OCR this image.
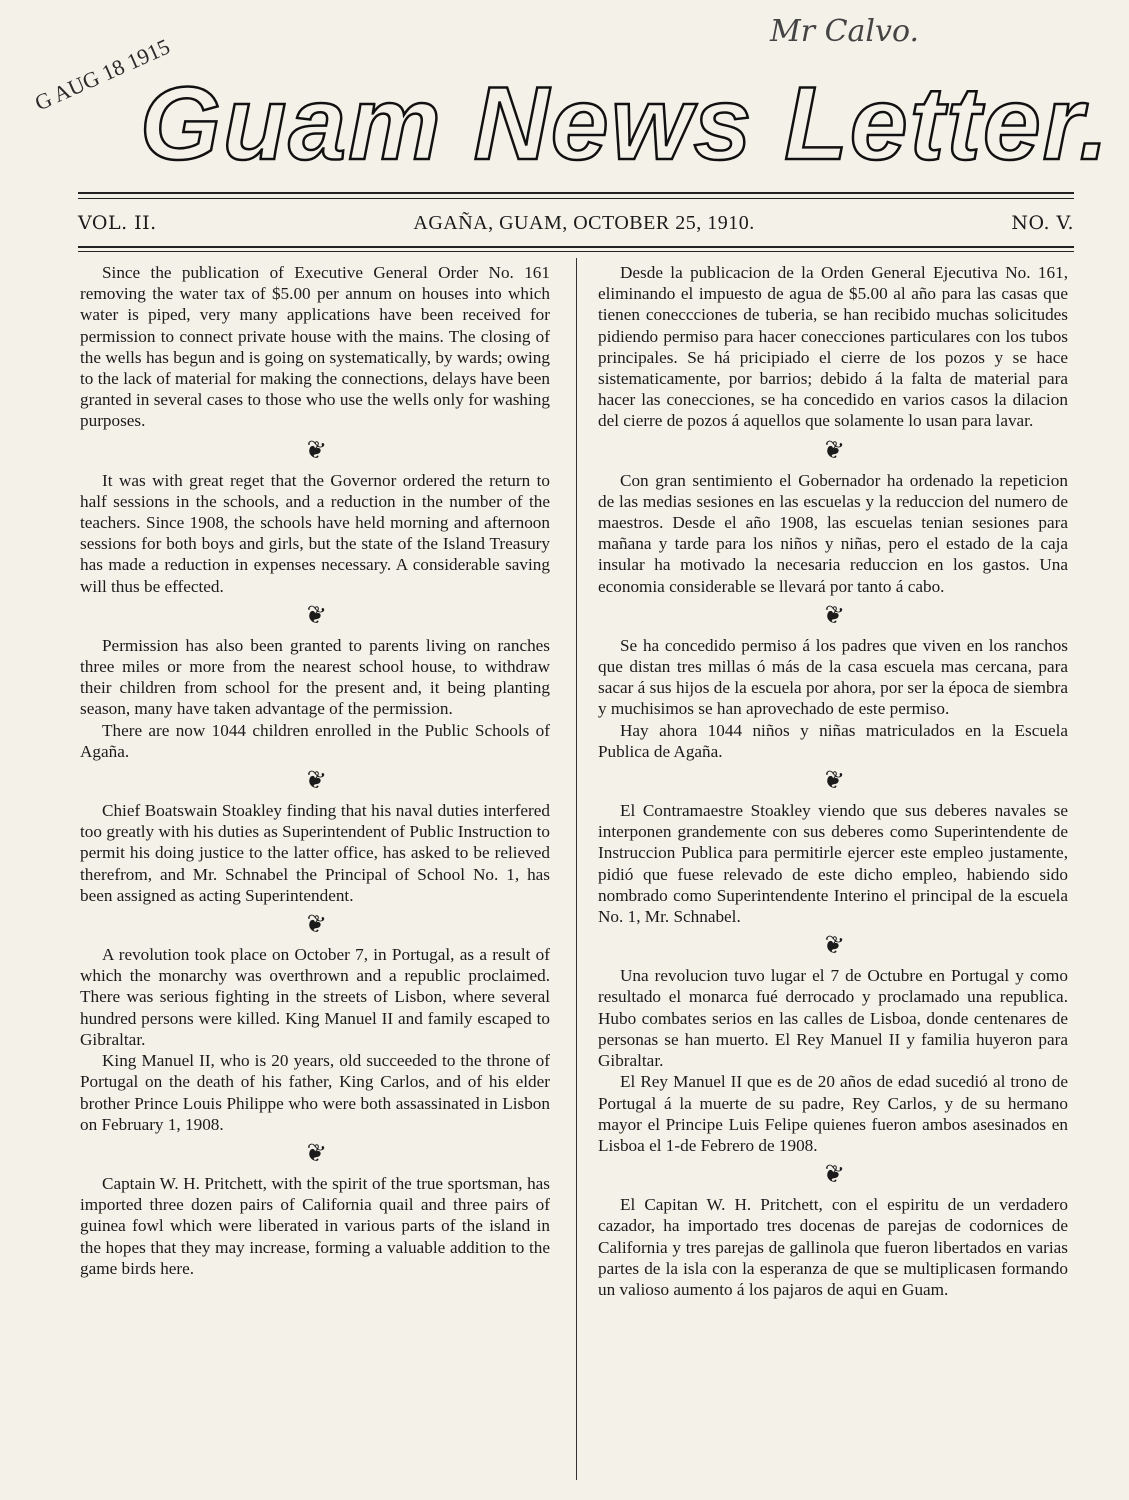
G AUG 18 1915
Mr Calvo.
Guam News Letter.
VOL. II.	AGAÑA, GUAM, OCTOBER 25, 1910.	NO. V.

Since the publication of Executive General Order No. 161 removing the water tax of $5.00 per annum on houses into which water is piped, very many applications have been received for permission to connect private house with the mains. The closing of the wells has begun and is going on systematically, by wards; owing to the lack of material for making the connections, delays have been granted in several cases to those who use the wells only for washing purposes.

❦

It was with great reget that the Governor ordered the return to half sessions in the schools, and a reduction in the number of the teachers. Since 1908, the schools have held morning and afternoon sessions for both boys and girls, but the state of the Island Treasury has made a reduction in expenses necessary. A considerable saving will thus be effected.

❦

Permission has also been granted to parents living on ranches three miles or more from the nearest school house, to withdraw their children from school for the present and, it being planting season, many have taken advantage of the permission.

There are now 1044 children enrolled in the Public Schools of Agaña.

❦

Chief Boatswain Stoakley finding that his naval duties interfered too greatly with his duties as Superintendent of Public Instruction to permit his doing justice to the latter office, has asked to be relieved therefrom, and Mr. Schnabel the Principal of School No. 1, has been assigned as acting Superintendent.

❦

A revolution took place on October 7, in Portugal, as a result of which the monarchy was overthrown and a republic proclaimed. There was serious fighting in the streets of Lisbon, where several hundred persons were killed. King Manuel II and family escaped to Gibraltar.

King Manuel II, who is 20 years, old succeeded to the throne of Portugal on the death of his father, King Carlos, and of his elder brother Prince Louis Philippe who were both assassinated in Lisbon on February 1, 1908.

❦

Captain W. H. Pritchett, with the spirit of the true sportsman, has imported three dozen pairs of California quail and three pairs of guinea fowl which were liberated in various parts of the island in the hopes that they may increase, forming a valuable addition to the game birds here.

Desde la publicacion de la Orden General Ejecutiva No. 161, eliminando el impuesto de agua de $5.00 al año para las casas que tienen coneccciones de tuberia, se han recibido muchas solicitudes pidiendo permiso para hacer conecciones particulares con los tubos principales. Se há pricipiado el cierre de los pozos y se hace sistematicamente, por barrios; debido á la falta de material para hacer las conecciones, se ha concedido en varios casos la dilacion del cierre de pozos á aquellos que solamente lo usan para lavar.

❦

Con gran sentimiento el Gobernador ha ordenado la repeticion de las medias sesiones en las escuelas y la reduccion del numero de maestros. Desde el año 1908, las escuelas tenian sesiones para mañana y tarde para los niños y niñas, pero el estado de la caja insular ha motivado la necesaria reduccion en los gastos. Una economia considerable se llevará por tanto á cabo.

❦

Se ha concedido permiso á los padres que viven en los ranchos que distan tres millas ó más de la casa escuela mas cercana, para sacar á sus hijos de la escuela por ahora, por ser la época de siembra y muchisimos se han aprovechado de este permiso.

Hay ahora 1044 niños y niñas matriculados en la Escuela Publica de Agaña.

❦

El Contramaestre Stoakley viendo que sus deberes navales se interponen grandemente con sus deberes como Superintendente de Instruccion Publica para permitirle ejercer este empleo justamente, pidió que fuese relevado de este dicho empleo, habiendo sido nombrado como Superintendente Interino el principal de la escuela No. 1, Mr. Schnabel.

❦

Una revolucion tuvo lugar el 7 de Octubre en Portugal y como resultado el monarca fué derrocado y proclamado una republica. Hubo combates serios en las calles de Lisboa, donde centenares de personas se han muerto. El Rey Manuel II y familia huyeron para Gibraltar.

El Rey Manuel II que es de 20 años de edad sucedió al trono de Portugal á la muerte de su padre, Rey Carlos, y de su hermano mayor el Principe Luis Felipe quienes fueron ambos asesinados en Lisboa el 1-de Febrero de 1908.

❦

El Capitan W. H. Pritchett, con el espiritu de un verdadero cazador, ha importado tres docenas de parejas de codornices de California y tres parejas de gallinola que fueron libertados en varias partes de la isla con la esperanza de que se multiplicasen formando un valioso aumento á los pajaros de aqui en Guam.
